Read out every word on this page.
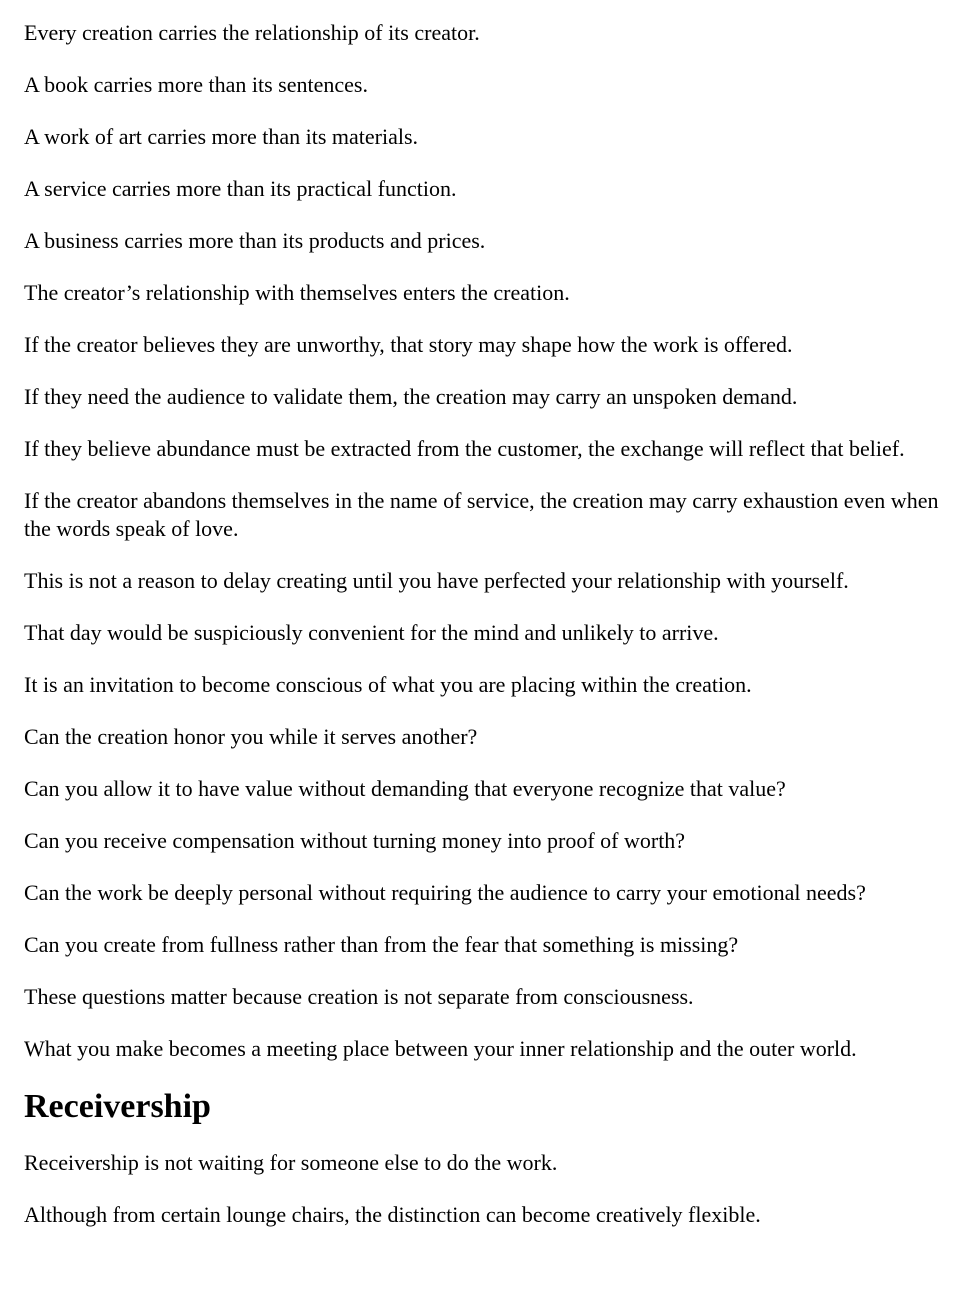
Every creation carries the relationship of its creator.

A book carries more than its sentences.

A work of art carries more than its materials.

A service carries more than its practical function.

A business carries more than its products and prices.

The creator’s relationship with themselves enters the creation.

If the creator believes they are unworthy, that story may shape how the work is offered.

If they need the audience to validate them, the creation may carry an unspoken demand.

If they believe abundance must be extracted from the customer, the exchange will reflect that belief.

If the creator abandons themselves in the name of service, the creation may carry exhaustion even when the words speak of love.

This is not a reason to delay creating until you have perfected your relationship with yourself.

That day would be suspiciously convenient for the mind and unlikely to arrive.

It is an invitation to become conscious of what you are placing within the creation.

Can the creation honor you while it serves another?

Can you allow it to have value without demanding that everyone recognize that value?

Can you receive compensation without turning money into proof of worth?

Can the work be deeply personal without requiring the audience to carry your emotional needs?

Can you create from fullness rather than from the fear that something is missing?

These questions matter because creation is not separate from consciousness.

What you make becomes a meeting place between your inner relationship and the outer world.

Receivership

Receivership is not waiting for someone else to do the work.

Although from certain lounge chairs, the distinction can become creatively flexible.
